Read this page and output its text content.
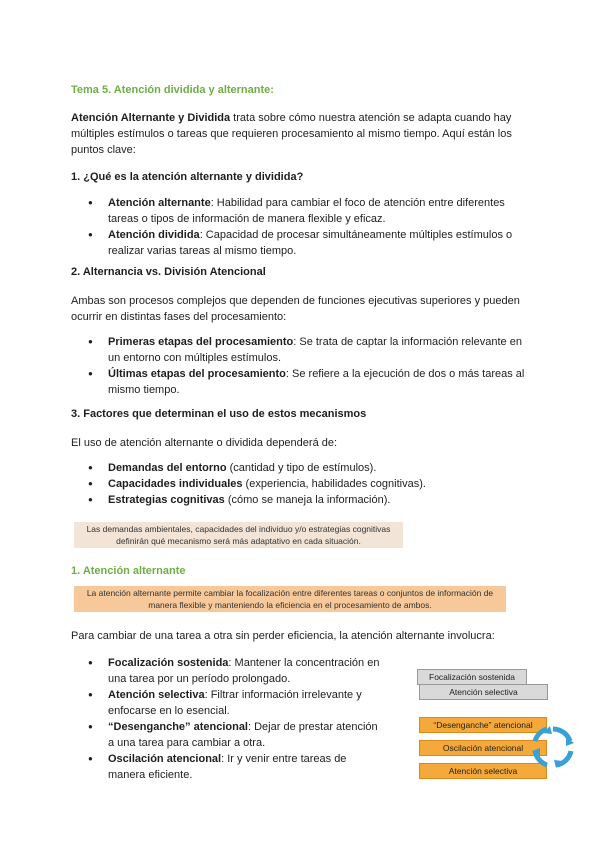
Tema 5. Atención dividida y alternante:
Atención Alternante y Dividida trata sobre cómo nuestra atención se adapta cuando hay múltiples estímulos o tareas que requieren procesamiento al mismo tiempo. Aquí están los puntos clave:
1. ¿Qué es la atención alternante y dividida?
● Atención alternante: Habilidad para cambiar el foco de atención entre diferentes tareas o tipos de información de manera flexible y eficaz.
● Atención dividida: Capacidad de procesar simultáneamente múltiples estímulos o realizar varias tareas al mismo tiempo.
2. Alternancia vs. División Atencional
Ambas son procesos complejos que dependen de funciones ejecutivas superiores y pueden ocurrir en distintas fases del procesamiento:
● Primeras etapas del procesamiento: Se trata de captar la información relevante en un entorno con múltiples estímulos.
● Últimas etapas del procesamiento: Se refiere a la ejecución de dos o más tareas al mismo tiempo.
3. Factores que determinan el uso de estos mecanismos
El uso de atención alternante o dividida dependerá de:
● Demandas del entorno (cantidad y tipo de estímulos).
● Capacidades individuales (experiencia, habilidades cognitivas).
● Estrategias cognitivas (cómo se maneja la información).
Las demandas ambientales, capacidades del individuo y/o estrategias cognitivas definirán qué mecanismo será más adaptativo en cada situación.
1. Atención alternante
La atención alternante permite cambiar la focalización entre diferentes tareas o conjuntos de información de manera flexible y manteniendo la eficiencia en el procesamiento de ambos.
Para cambiar de una tarea a otra sin perder eficiencia, la atención alternante involucra:
● Focalización sostenida: Mantener la concentración en una tarea por un período prolongado.
● Atención selectiva: Filtrar información irrelevante y enfocarse en lo esencial.
● “Desenganche” atencional: Dejar de prestar atención a una tarea para cambiar a otra.
● Oscilación atencional: Ir y venir entre tareas de manera eficiente.
Focalización sostenida
Atención selectiva
“Desenganche” atencional
Oscilación atencional
Atención selectiva
